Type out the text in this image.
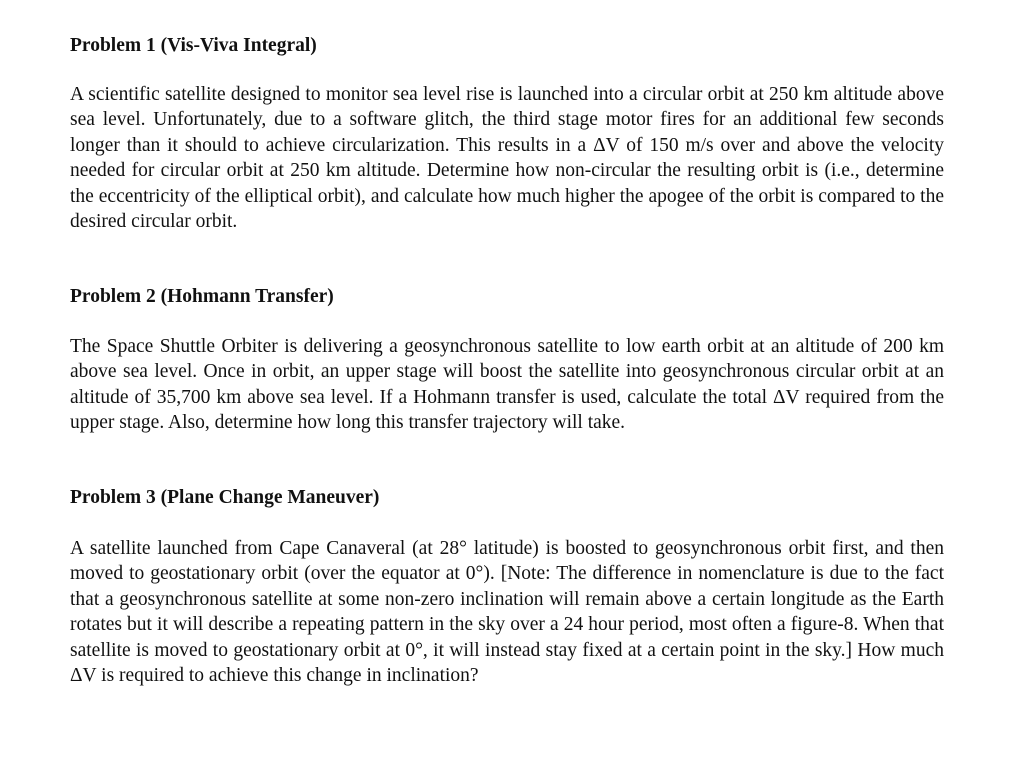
Problem 1 (Vis-Viva Integral)

A scientific satellite designed to monitor sea level rise is launched into a circular orbit at 250 km altitude above sea level. Unfortunately, due to a software glitch, the third stage motor fires for an additional few seconds longer than it should to achieve circularization. This results in a ΔV of 150 m/s over and above the velocity needed for circular orbit at 250 km altitude. Determine how non-circular the resulting orbit is (i.e., determine the eccentricity of the elliptical orbit), and calculate how much higher the apogee of the orbit is compared to the desired circular orbit.

Problem 2 (Hohmann Transfer)

The Space Shuttle Orbiter is delivering a geosynchronous satellite to low earth orbit at an altitude of 200 km above sea level. Once in orbit, an upper stage will boost the satellite into geosynchronous circular orbit at an altitude of 35,700 km above sea level. If a Hohmann transfer is used, calculate the total ΔV required from the upper stage. Also, determine how long this transfer trajectory will take.

Problem 3 (Plane Change Maneuver)

A satellite launched from Cape Canaveral (at 28° latitude) is boosted to geosynchronous orbit first, and then moved to geostationary orbit (over the equator at 0°). [Note: The difference in nomenclature is due to the fact that a geosynchronous satellite at some non-zero inclination will remain above a certain longitude as the Earth rotates but it will describe a repeating pattern in the sky over a 24 hour period, most often a figure-8. When that satellite is moved to geostationary orbit at 0°, it will instead stay fixed at a certain point in the sky.] How much ΔV is required to achieve this change in inclination?
